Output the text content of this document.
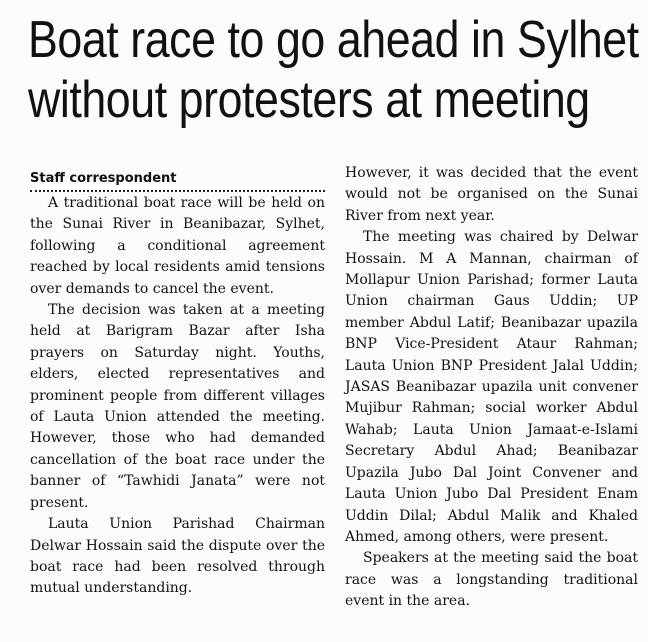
Boat race to go ahead in Sylhet
without protesters at meeting
Staff correspondent

A traditional boat race will be held on the Sunai River in Beanibazar, Sylhet, following a conditional agreement reached by local residents amid tensions over demands to cancel the event.

The decision was taken at a meeting held at Barigram Bazar after Isha prayers on Saturday night. Youths, elders, elected representatives and prominent people from different villages of Lauta Union attended the meeting. However, those who had demanded cancellation of the boat race under the banner of “Tawhidi Janata” were not present.

Lauta Union Parishad Chairman Delwar Hossain said the dispute over the boat race had been resolved through mutual understanding.

However, it was decided that the event would not be organised on the Sunai River from next year.

The meeting was chaired by Delwar Hossain. M A Mannan, chairman of Mollapur Union Parishad; former Lauta Union chairman Gaus Uddin; UP member Abdul Latif; Beanibazar upazila BNP Vice-President Ataur Rahman; Lauta Union BNP President Jalal Uddin; JASAS Beanibazar upazila unit convener Mujibur Rahman; social worker Abdul Wahab; Lauta Union Jamaat-e-Islami Secretary Abdul Ahad; Beanibazar Upazila Jubo Dal Joint Convener and Lauta Union Jubo Dal President Enam Uddin Dilal; Abdul Malik and Khaled Ahmed, among others, were present.

Speakers at the meeting said the boat race was a longstanding traditional event in the area.
